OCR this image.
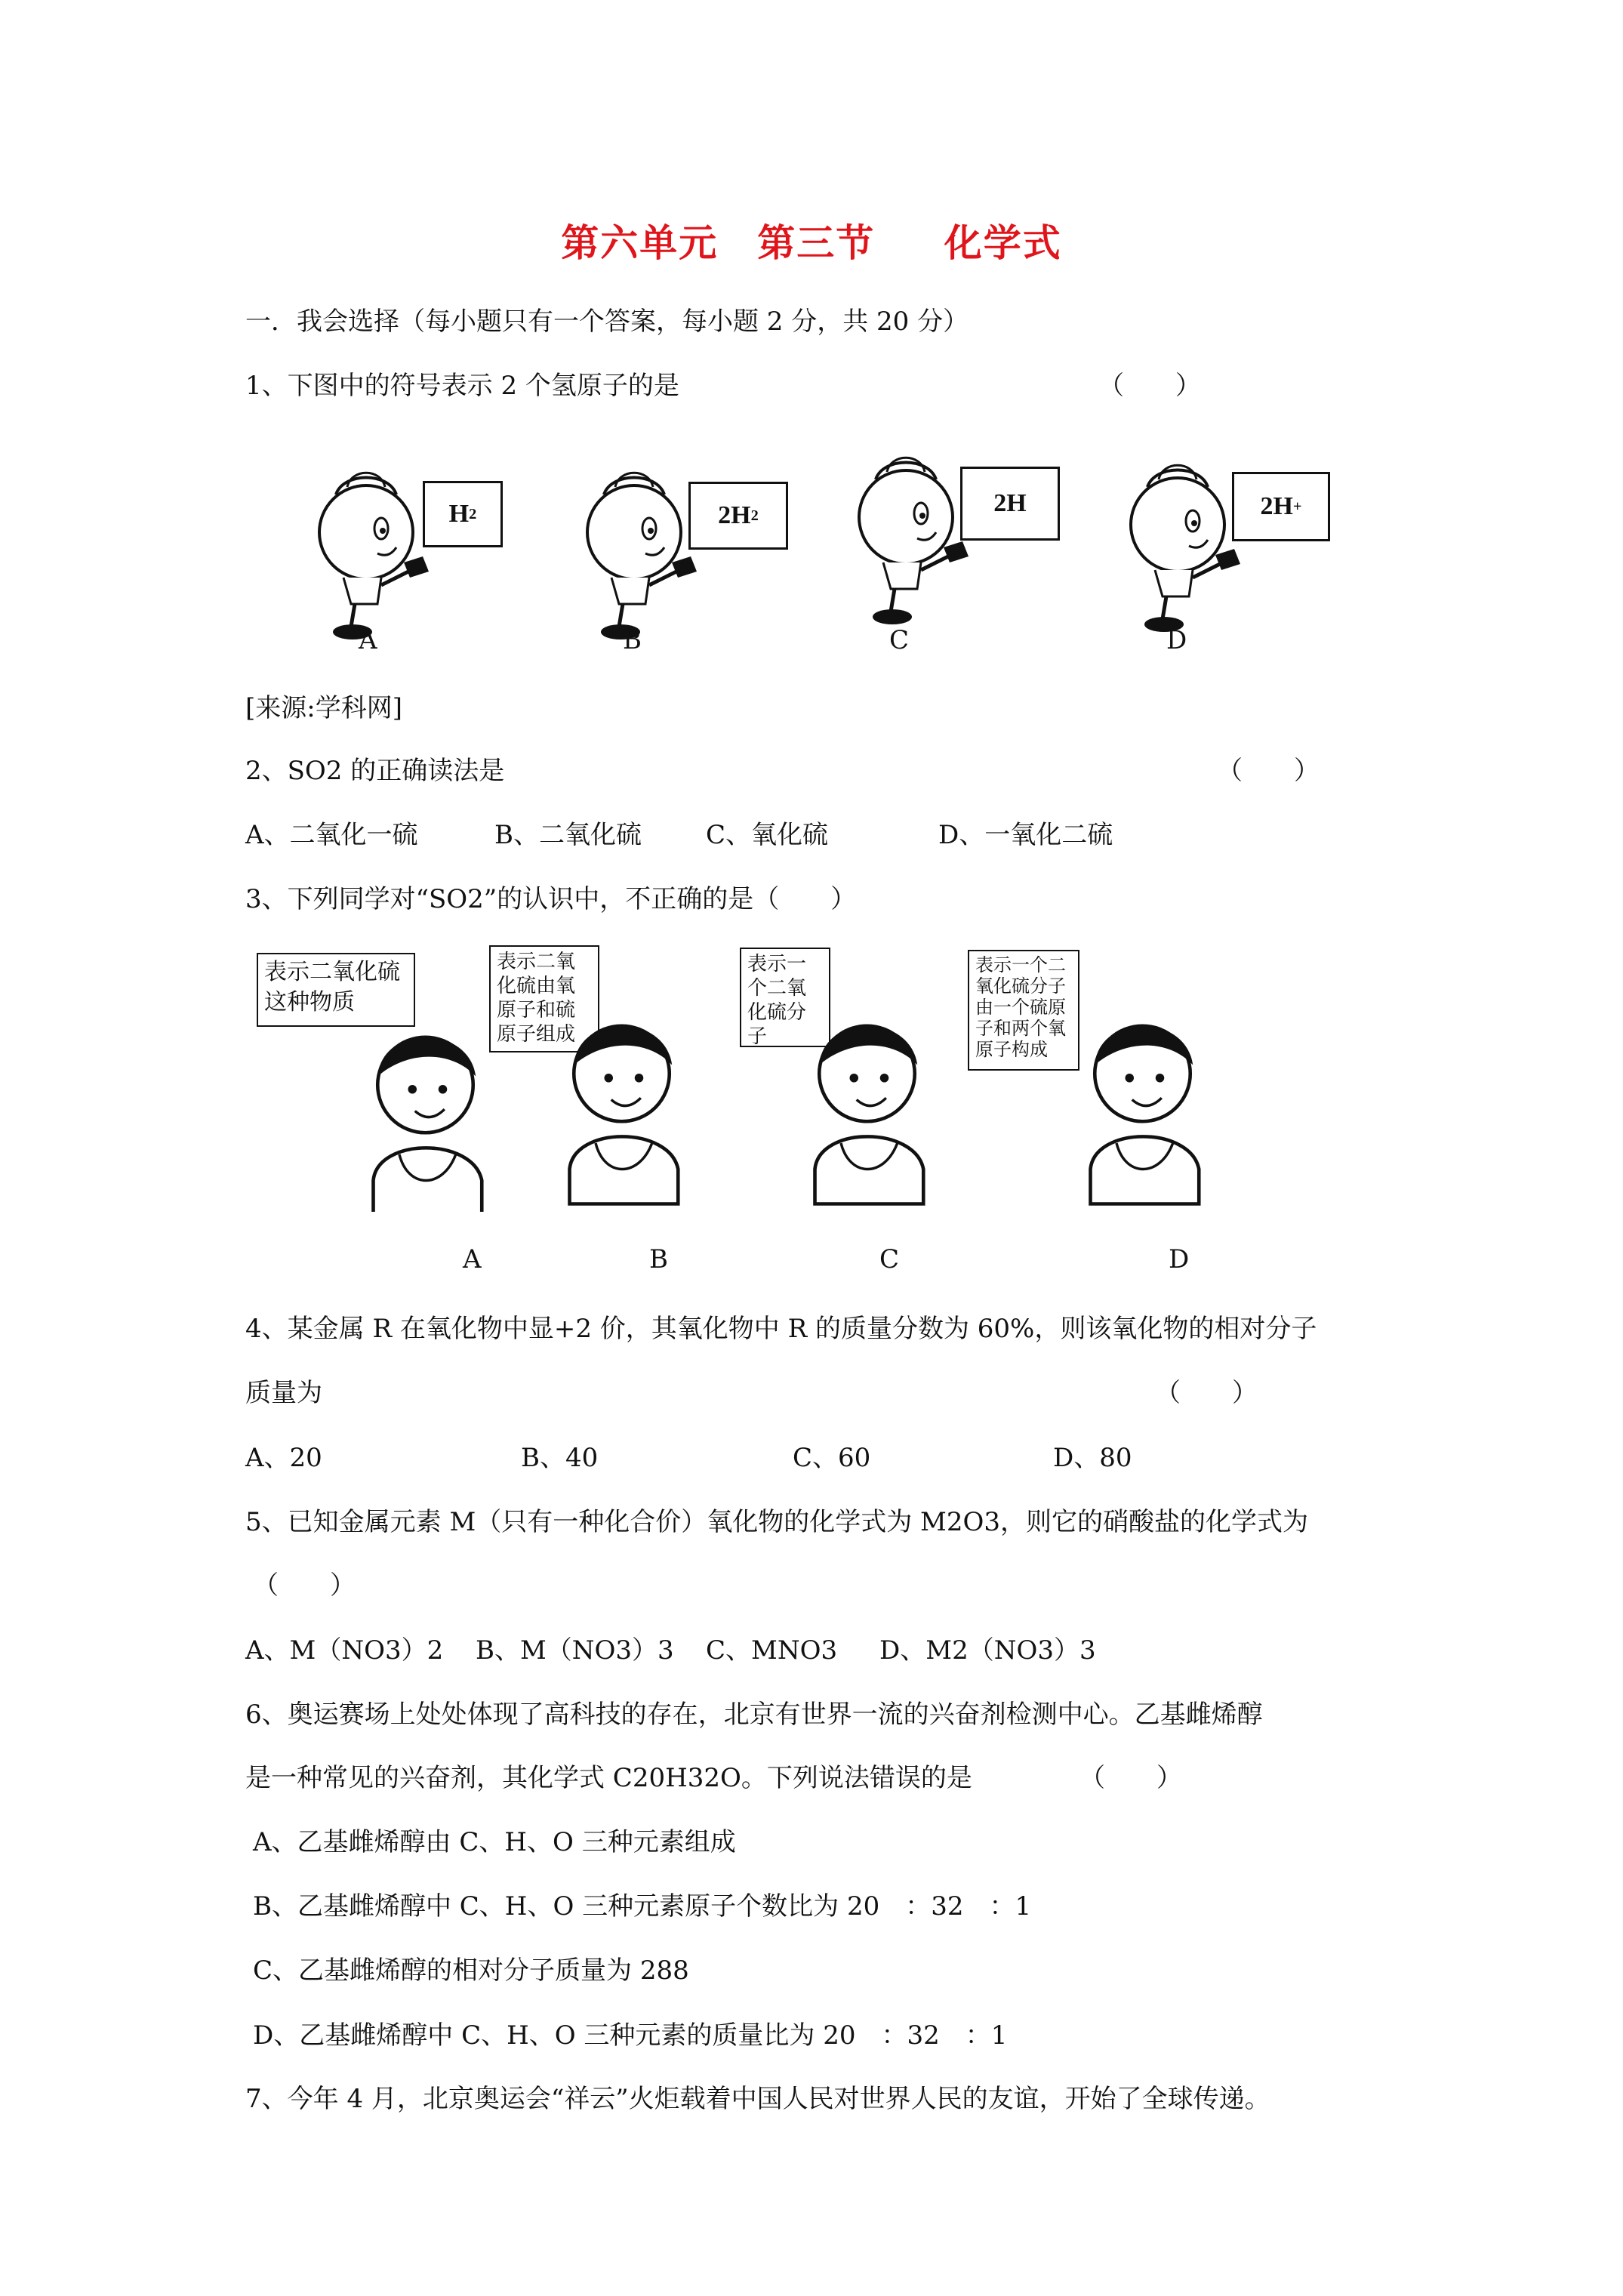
第六单元　第三节　 化学式
一．我会选择（每小题只有一个答案，每小题 2 分，共 20 分）
1、下图中的符号表示 2 个氢原子的是	（　　）
H 2	2H 2	2H	2H +
A	B	C	D
[来源:学科网]
2、SO2 的正确读法是	（　　）
A、二氧化一硫	B、二氧化硫	C、氧化硫	D、一氧化二硫
3、下列同学对“SO2”的认识中，不正确的是（　　）
表示二氧化硫这种物质
表示二氧化硫由氧原子和硫原子组成
表示一个二氧化硫分子
表示一个二氧化硫分子由一个硫原子和两个氧原子构成
A	B	C	D
4、某金属 R 在氧化物中显+2 价，其氧化物中 R 的质量分数为 60%，则该氧化物的相对分子
质量为	（　　）
A、20	B、40	C、60	D、80
5、已知金属元素 M（只有一种化合价）氧化物的化学式为 M2O3，则它的硝酸盐的化学式为
（　　）
A、M（NO3）2 B、M（NO3）3 C、MNO3 D、M2（NO3）3
6、奥运赛场上处处体现了高科技的存在，北京有世界一流的兴奋剂检测中心。乙基雌烯醇
是一种常见的兴奋剂，其化学式 C20H32O。下列说法错误的是	（　　）
A、乙基雌烯醇由 C、H、O 三种元素组成
B、乙基雌烯醇中 C、H、O 三种元素原子个数比为 20　：32　：1
C、乙基雌烯醇的相对分子质量为 288
D、乙基雌烯醇中 C、H、O 三种元素的质量比为 20　：32　：1
7、今年 4 月，北京奥运会“祥云”火炬载着中国人民对世界人民的友谊，开始了全球传递。
